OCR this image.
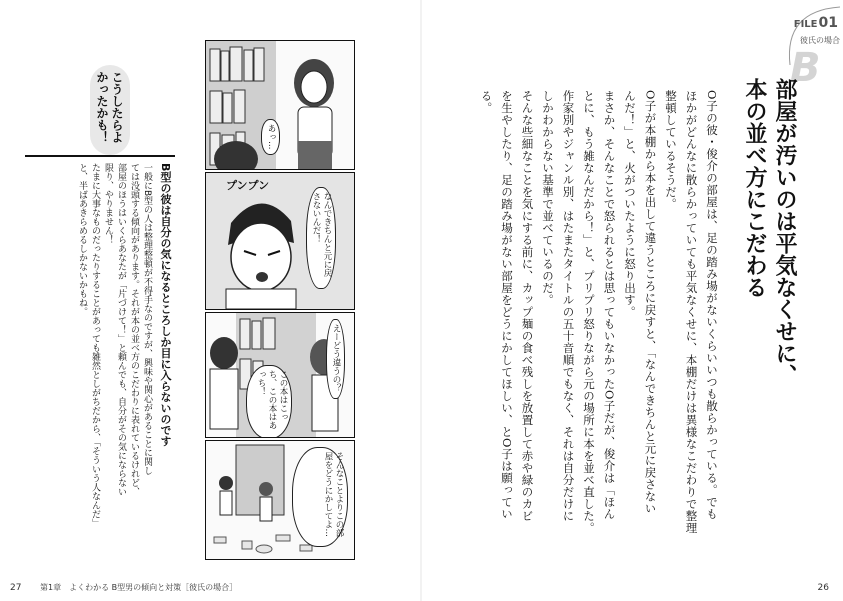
あっ…
プンプン
なんできちんと元に戻さないんだ！
えーどう違うの？
この本はこっち、この本はあっち！
そんなことよりこの部屋をどうにかしてよ…
こうしたらよかったかも！
B型の彼は自分の気になるところしか目に入らないのです

一般にB型の人は整理整頓が不得手なのですが、興味や関心があることに関し

ては没頭する傾向があります。それが本の並べ方のこだわりに表れているけれど、

部屋のほうはいくらあなたが「片づけて！」と頼んでも、自分がその気にならない

限り、やりません！

たまに大事なものだったりすることがあっても雑然としがちだから、「そういう人なんだ」

と、半ばあきらめるしかないかもね。

27 第1章　よくわかる B型男の傾向と対策［彼氏の場合］
FILE01
彼氏の場合
B
部屋が汚いのは平気なくせに、
本の並べ方にこだわる

O子の彼・俊介の部屋は、足の踏み場がないくらいいつも散らかっている。でも

ほかがどんなに散らかっていても平気なくせに、本棚だけは異様なこだわりで整理

整頓しているそうだ。

O子が本棚から本を出して違うところに戻すと、「なんできちんと元に戻さない

んだ！」と、火がついたように怒り出す。

まさか、そんなことで怒られるとは思ってもいなかったO子だが、俊介は「ほん

とに、もう雑なんだから！」と、プリプリ怒りながら元の場所に本を並べ直した。

作家別やジャンル別、はたまたタイトルの五十音順でもなく、それは自分だけに

しかわからない基準で並べているのだ。

そんな些細なことを気にする前に、カップ麺の食べ残しを放置して赤や緑のカビ

を生やしたり、足の踏み場がない部屋をどうにかしてほしい、とO子は願っている。

26
